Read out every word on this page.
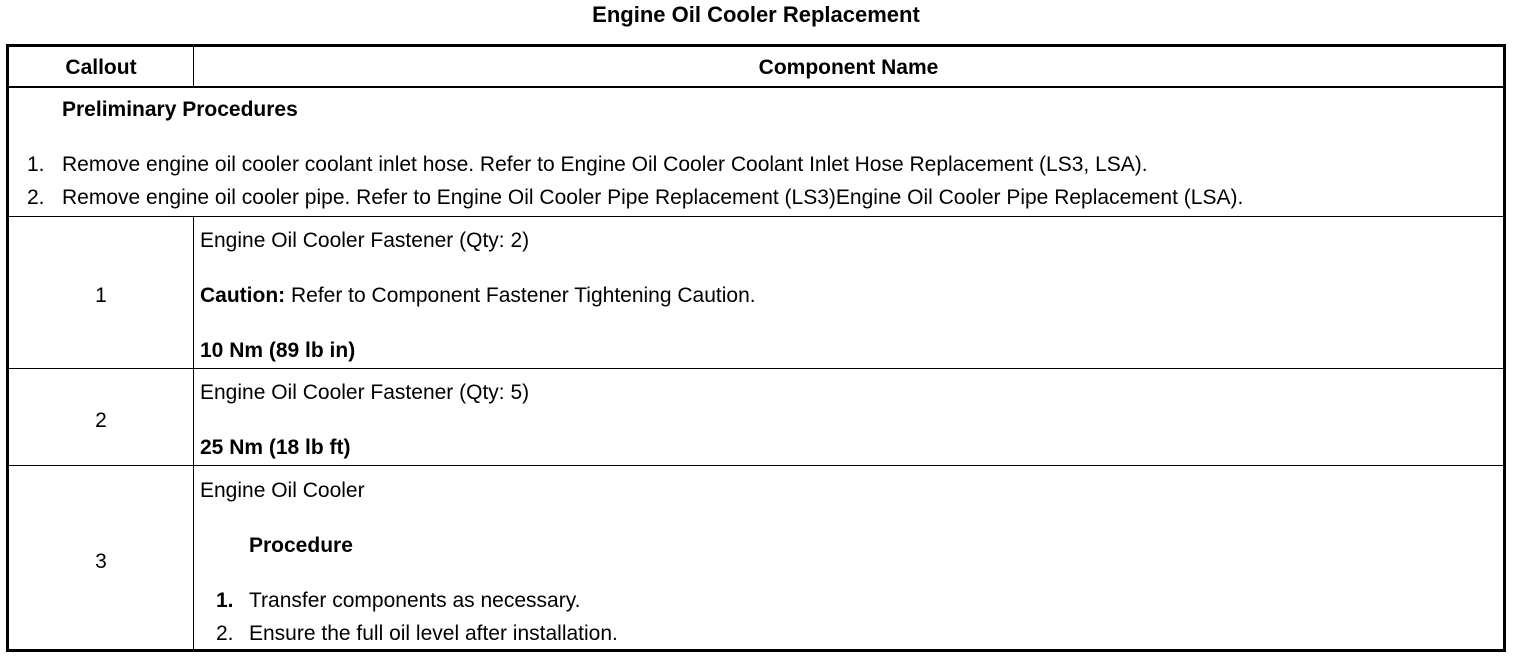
Engine Oil Cooler Replacement
Callout	Component Name
Preliminary Procedures
1. Remove engine oil cooler coolant inlet hose. Refer to Engine Oil Cooler Coolant Inlet Hose Replacement (LS3, LSA).
2. Remove engine oil cooler pipe. Refer to Engine Oil Cooler Pipe Replacement (LS3)Engine Oil Cooler Pipe Replacement (LSA).
1
Engine Oil Cooler Fastener (Qty: 2)
Caution: Refer to Component Fastener Tightening Caution.
10 Nm (89 lb in)
2
Engine Oil Cooler Fastener (Qty: 5)
25 Nm (18 lb ft)
3
Engine Oil Cooler
Procedure
1. Transfer components as necessary.
2. Ensure the full oil level after installation.
